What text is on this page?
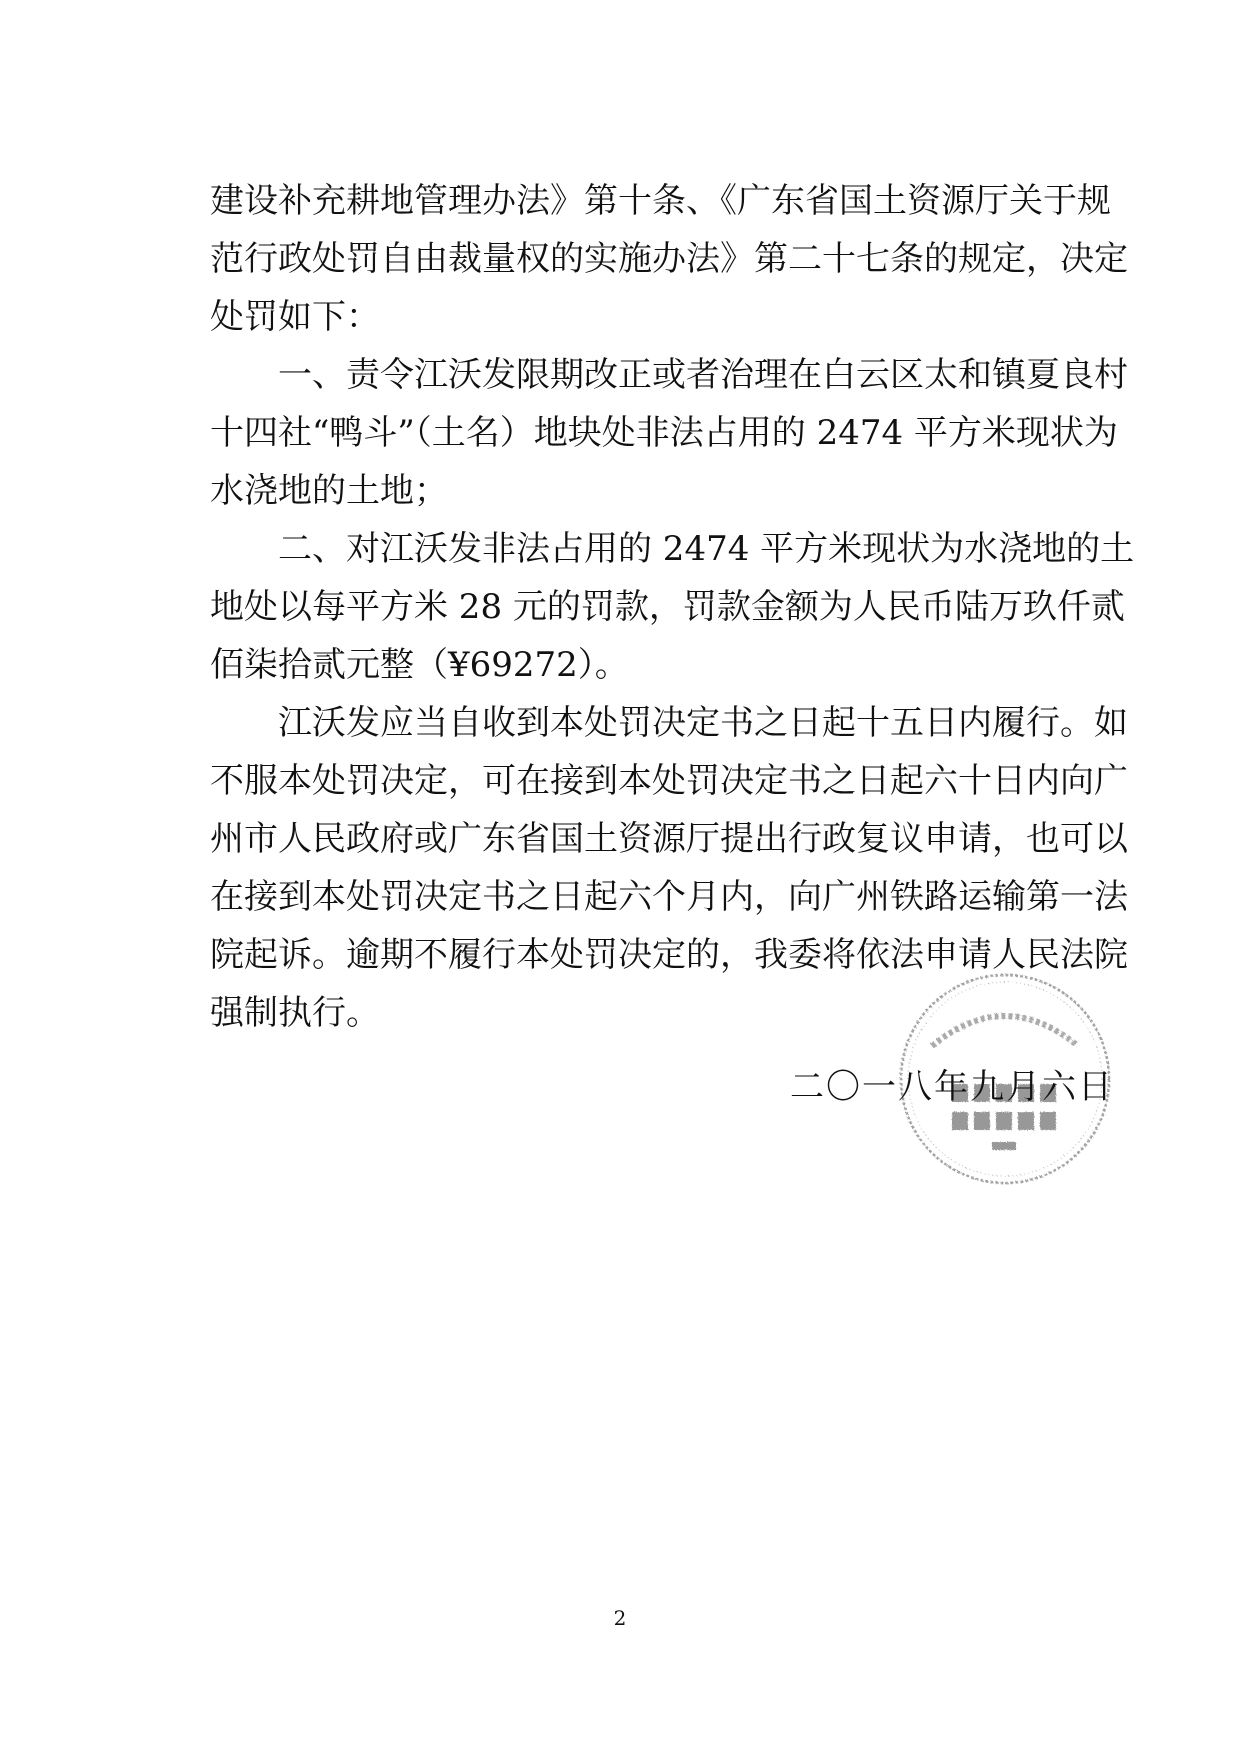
建设补充耕地管理办法》第十条、《广东省国土资源厅关于规
范行政处罚自由裁量权的实施办法》第二十七条的规定，决定
处罚如下：
一、责令江沃发限期改正或者治理在白云区太和镇夏良村
十四社“鸭斗”（土名）地块处非法占用的 2474 平方米现状为
水浇地的土地；
二、对江沃发非法占用的 2474 平方米现状为水浇地的土
地处以每平方米 28 元的罚款，罚款金额为人民币陆万玖仟贰
佰柒拾贰元整（¥69272）。
江沃发应当自收到本处罚决定书之日起十五日内履行。如
不服本处罚决定，可在接到本处罚决定书之日起六十日内向广
州市人民政府或广东省国土资源厅提出行政复议申请，也可以
在接到本处罚决定书之日起六个月内，向广州铁路运输第一法
院起诉。逾期不履行本处罚决定的，我委将依法申请人民法院
强制执行。
二〇一八年九月六日
2
